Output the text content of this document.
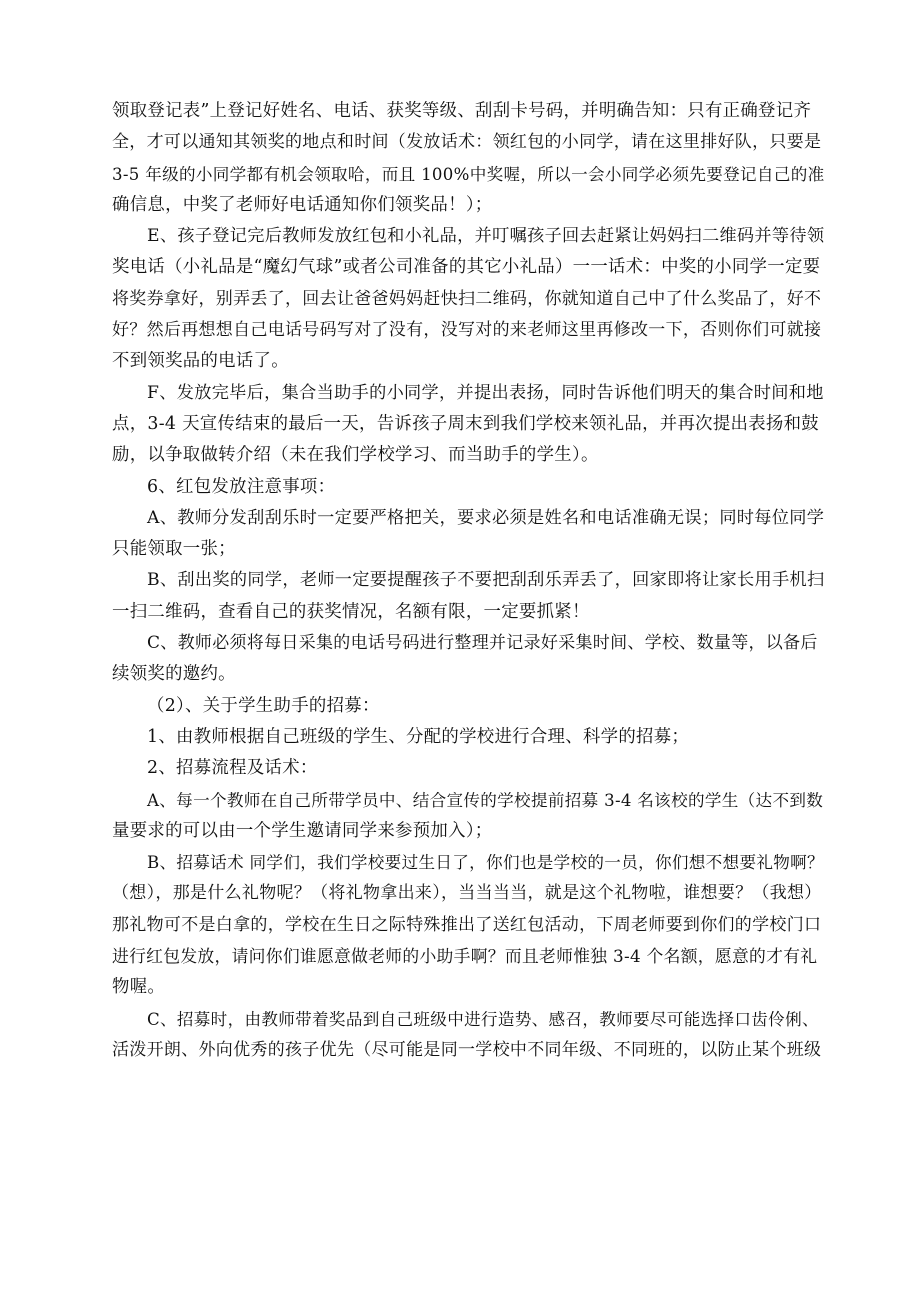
领取登记表”上登记好姓名、电话、获奖等级、刮刮卡号码，并明确告知：只有正确登记齐
全，才可以通知其领奖的地点和时间（发放话术：领红包的小同学，请在这里排好队，只要是
3-5 年级的小同学都有机会领取哈，而且 100%中奖喔，所以一会小同学必须先要登记自己的准
确信息，中奖了老师好电话通知你们领奖品！）；
E、孩子登记完后教师发放红包和小礼品，并叮嘱孩子回去赶紧让妈妈扫二维码并等待领
奖电话（小礼品是“魔幻气球”或者公司准备的其它小礼品）一一话术：中奖的小同学一定要
将奖券拿好，别弄丢了，回去让爸爸妈妈赶快扫二维码，你就知道自己中了什么奖品了，好不
好？然后再想想自己电话号码写对了没有，没写对的来老师这里再修改一下，否则你们可就接
不到领奖品的电话了。
F、发放完毕后，集合当助手的小同学，并提出表扬，同时告诉他们明天的集合时间和地
点，3-4 天宣传结束的最后一天，告诉孩子周末到我们学校来领礼品，并再次提出表扬和鼓
励，以争取做转介绍（未在我们学校学习、而当助手的学生）。
6、红包发放注意事项：
A、教师分发刮刮乐时一定要严格把关，要求必须是姓名和电话准确无误；同时每位同学
只能领取一张；
B、刮出奖的同学，老师一定要提醒孩子不要把刮刮乐弄丢了，回家即将让家长用手机扫
一扫二维码，查看自己的获奖情况，名额有限，一定要抓紧！
C、教师必须将每日采集的电话号码进行整理并记录好采集时间、学校、数量等，以备后
续领奖的邀约。
（2）、关于学生助手的招募：
1、由教师根据自己班级的学生、分配的学校进行合理、科学的招募；
2、招募流程及话术：
A、每一个教师在自己所带学员中、结合宣传的学校提前招募 3-4 名该校的学生（达不到数
量要求的可以由一个学生邀请同学来参预加入）；
B、招募话术 同学们，我们学校要过生日了，你们也是学校的一员，你们想不想要礼物啊？
（想），那是什么礼物呢？（将礼物拿出来），当当当当，就是这个礼物啦，谁想要？（我想）
那礼物可不是白拿的，学校在生日之际特殊推出了送红包活动，下周老师要到你们的学校门口
进行红包发放，请问你们谁愿意做老师的小助手啊？而且老师惟独 3-4 个名额，愿意的才有礼
物喔。
C、招募时，由教师带着奖品到自己班级中进行造势、感召，教师要尽可能选择口齿伶俐、
活泼开朗、外向优秀的孩子优先（尽可能是同一学校中不同年级、不同班的，以防止某个班级
